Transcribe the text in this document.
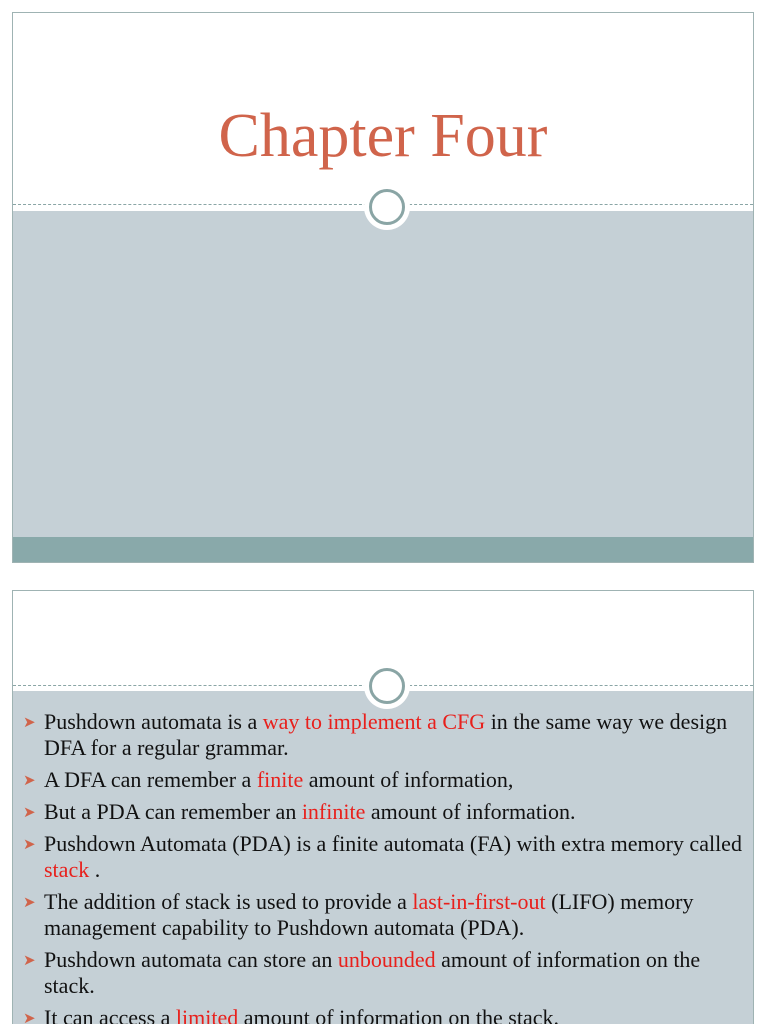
Chapter Four
➤ Pushdown automata is a way to implement a CFG in the same way we design DFA for a regular grammar.
➤ A DFA can remember a finite amount of information,
➤ But a PDA can remember an infinite amount of information.
➤ Pushdown Automata (PDA) is a finite automata (FA) with extra memory called stack .
➤ The addition of stack is used to provide a last-in-first-out (LIFO) memory management capability to Pushdown automata (PDA).
➤ Pushdown automata can store an unbounded amount of information on the stack.
➤ It can access a limited amount of information on the stack.
